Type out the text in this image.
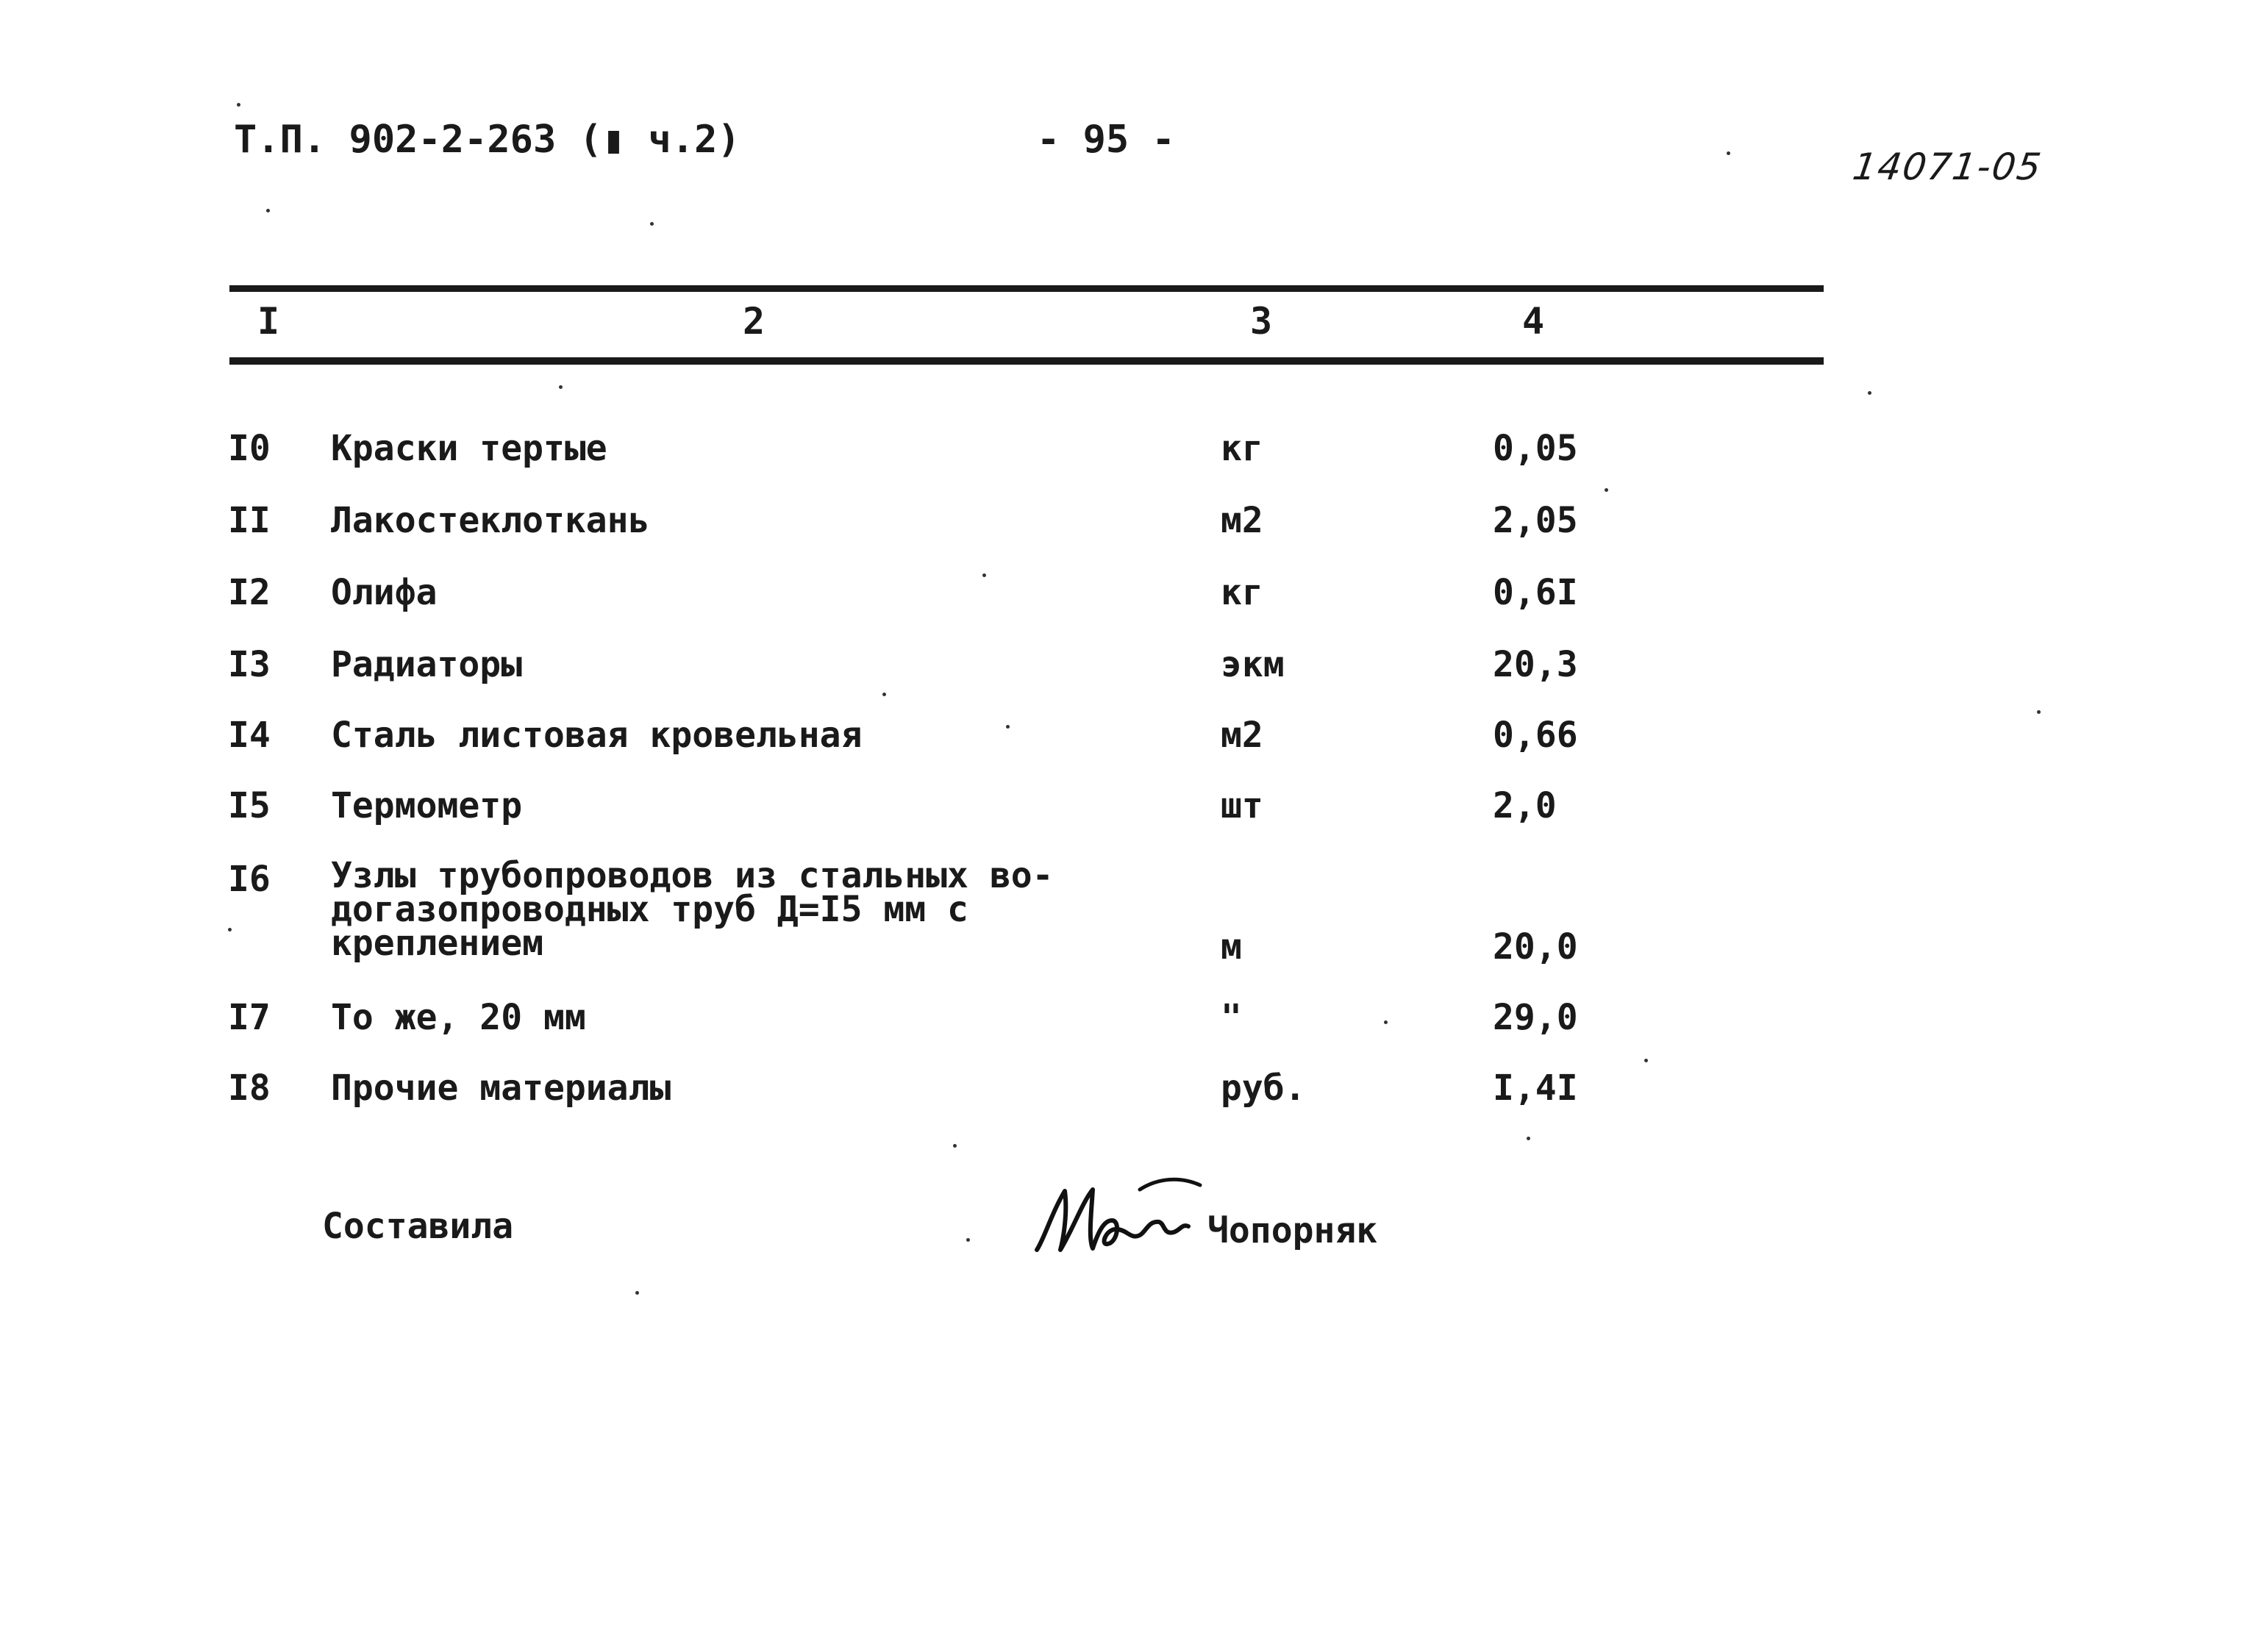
Т.П. 902-2-263 (▮ ч.2)	- 95 -
14071-05
I	2	3	4
I0 Краски тертые	кг	0,05
II Лакостеклоткань	м2	2,05
I2 Олифа	кг	0,6I
I3 Радиаторы	экм	20,3
I4 Сталь листовая кровельная	м2	0,66
I5 Термометр	шт	2,0
I6 Узлы трубопроводов из стальных во-
догазопроводных труб Д=I5 мм с
креплением	м	20,0
I7 То же, 20 мм	"	29,0
I8 Прочие материалы	руб.	I,4I
Составила	Чопорняк
